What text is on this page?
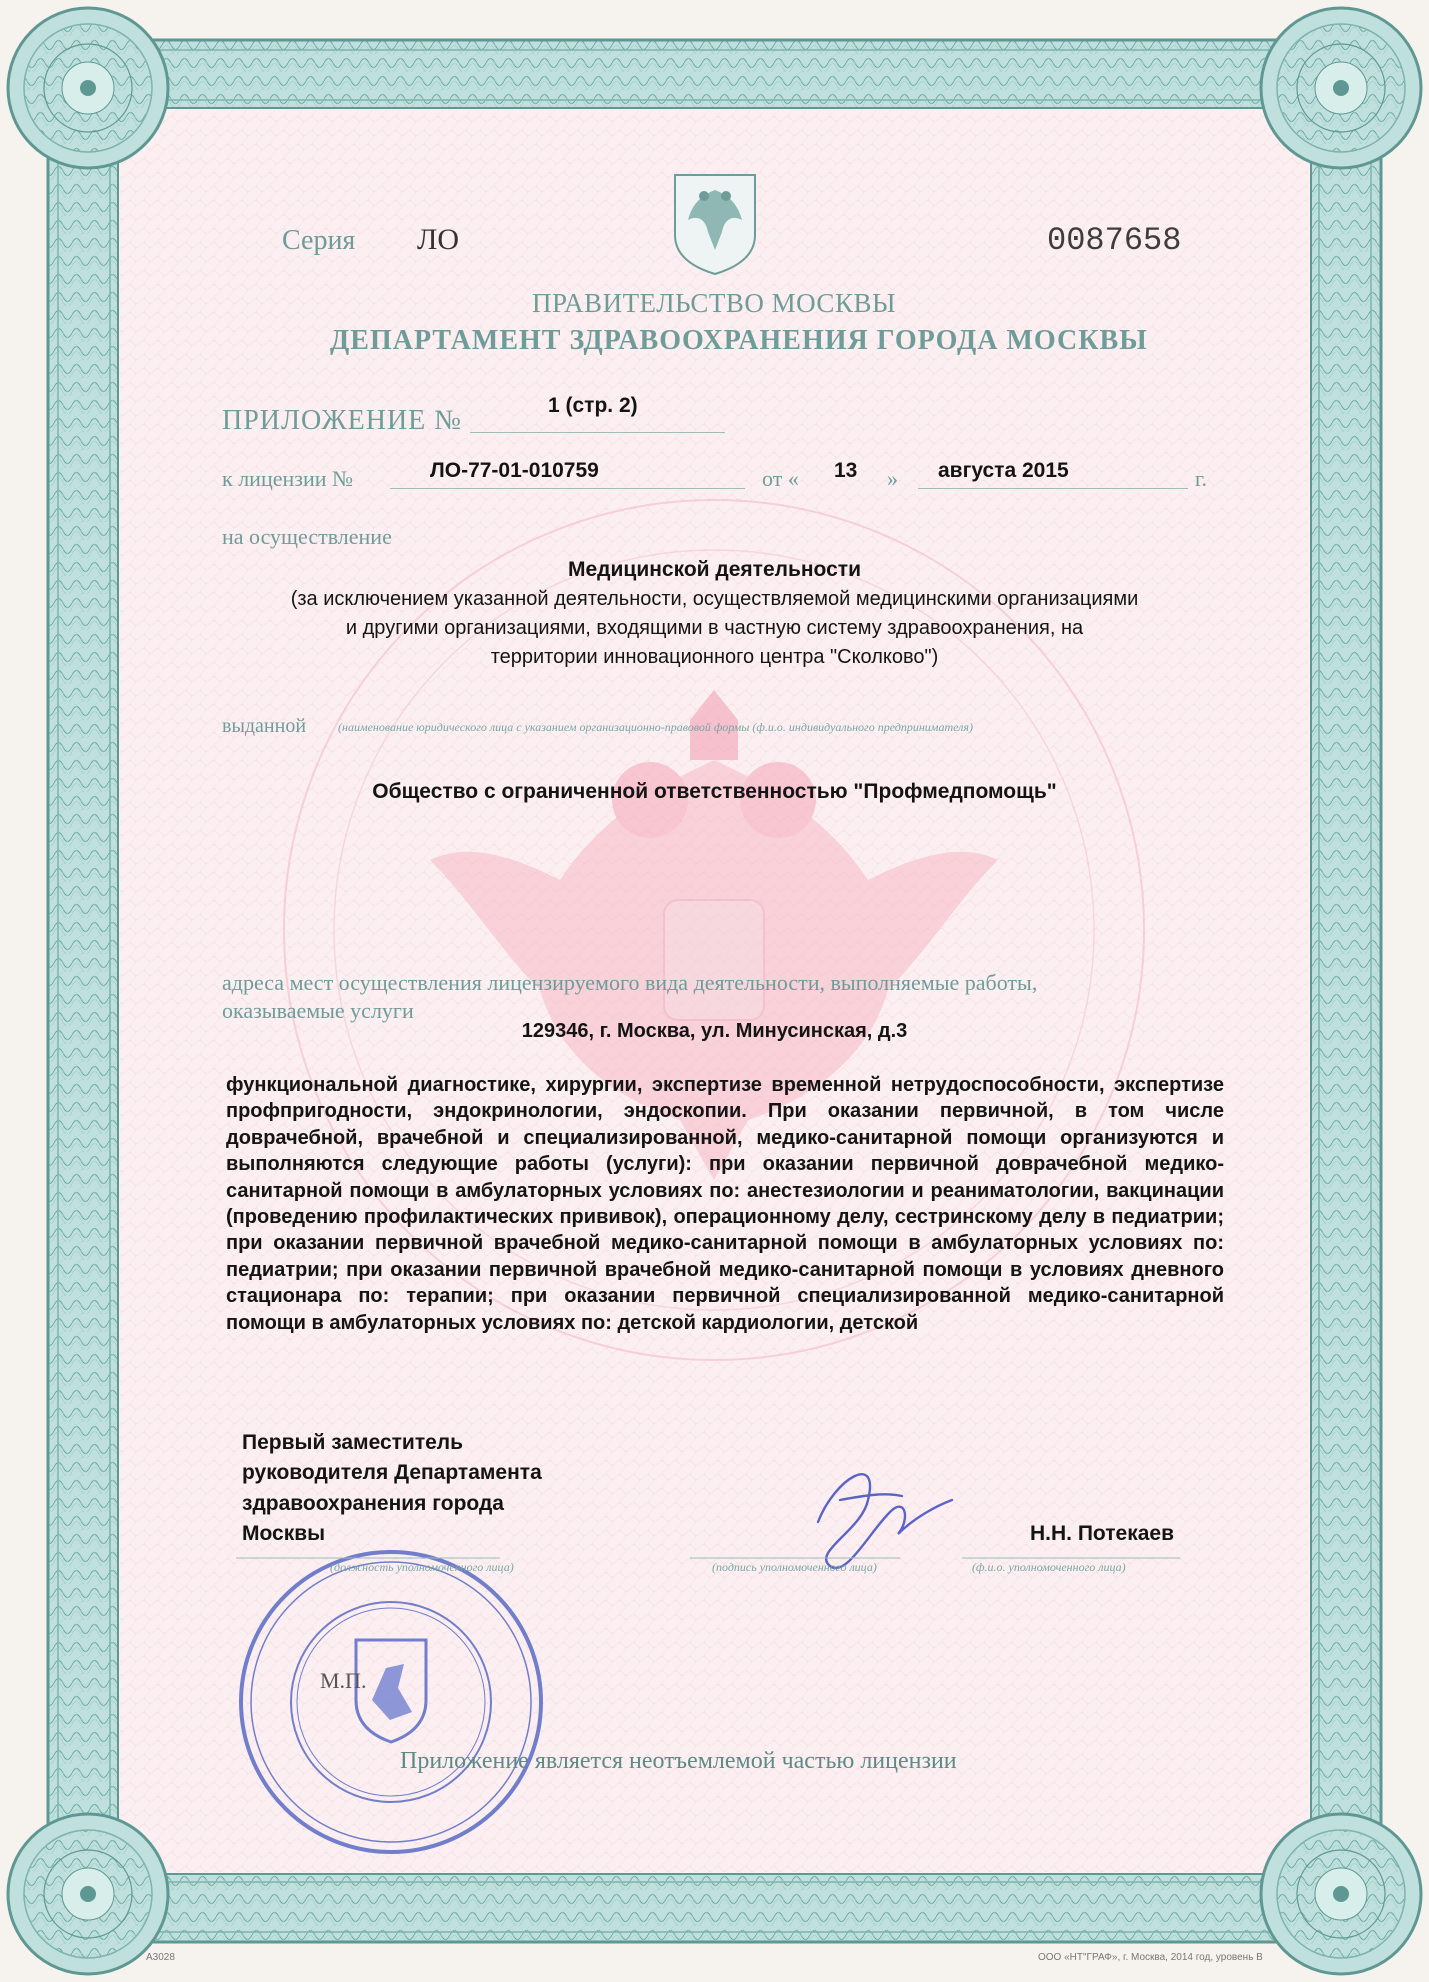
Серия ЛО	0087658
ПРАВИТЕЛЬСТВО МОСКВЫ
ДЕПАРТАМЕНТ ЗДРАВООХРАНЕНИЯ ГОРОДА МОСКВЫ
ПРИЛОЖЕНИЕ №	1 (стр. 2)
к лицензии №	ЛО-77-01-010759	от « 13 » августа 2015	г.
на осуществление
Медицинской деятельности
(за исключением указанной деятельности, осуществляемой медицинскими организациями
и другими организациями, входящими в частную систему здравоохранения, на
территории инновационного центра "Сколково")
выданной	(наименование юридического лица с указанием организационно-правовой формы (ф.и.о. индивидуального предпринимателя)
Общество с ограниченной ответственностью "Профмедпомощь"
адреса мест осуществления лицензируемого вида деятельности, выполняемые работы,
оказываемые услуги
129346, г. Москва, ул. Минусинская, д.3
функциональной диагностике, хирургии, экспертизе временной нетрудоспособности, экспертизе профпригодности, эндокринологии, эндоскопии. При оказании первичной, в том числе доврачебной, врачебной и специализированной, медико-санитарной помощи организуются и выполняются следующие работы (услуги): при оказании первичной доврачебной медико-санитарной помощи в амбулаторных условиях по: анестезиологии и реаниматологии, вакцинации (проведению профилактических прививок), операционному делу, сестринскому делу в педиатрии; при оказании первичной врачебной медико-санитарной помощи в амбулаторных условиях по: педиатрии; при оказании первичной врачебной медико-санитарной помощи в условиях дневного стационара по: терапии; при оказании первичной специализированной медико-санитарной помощи в амбулаторных условиях по: детской кардиологии, детской
Первый заместитель
руководителя Департамента
здравоохранения города
Москвы
(должность уполномоченного лица)	(подпись уполномоченного лица)	(ф.и.о. уполномоченного лица)
Н.Н. Потекаев
М.П.
Приложение является неотъемлемой частью лицензии
А3028	ООО «НТ"ГРАФ», г. Москва, 2014 год, уровень В
